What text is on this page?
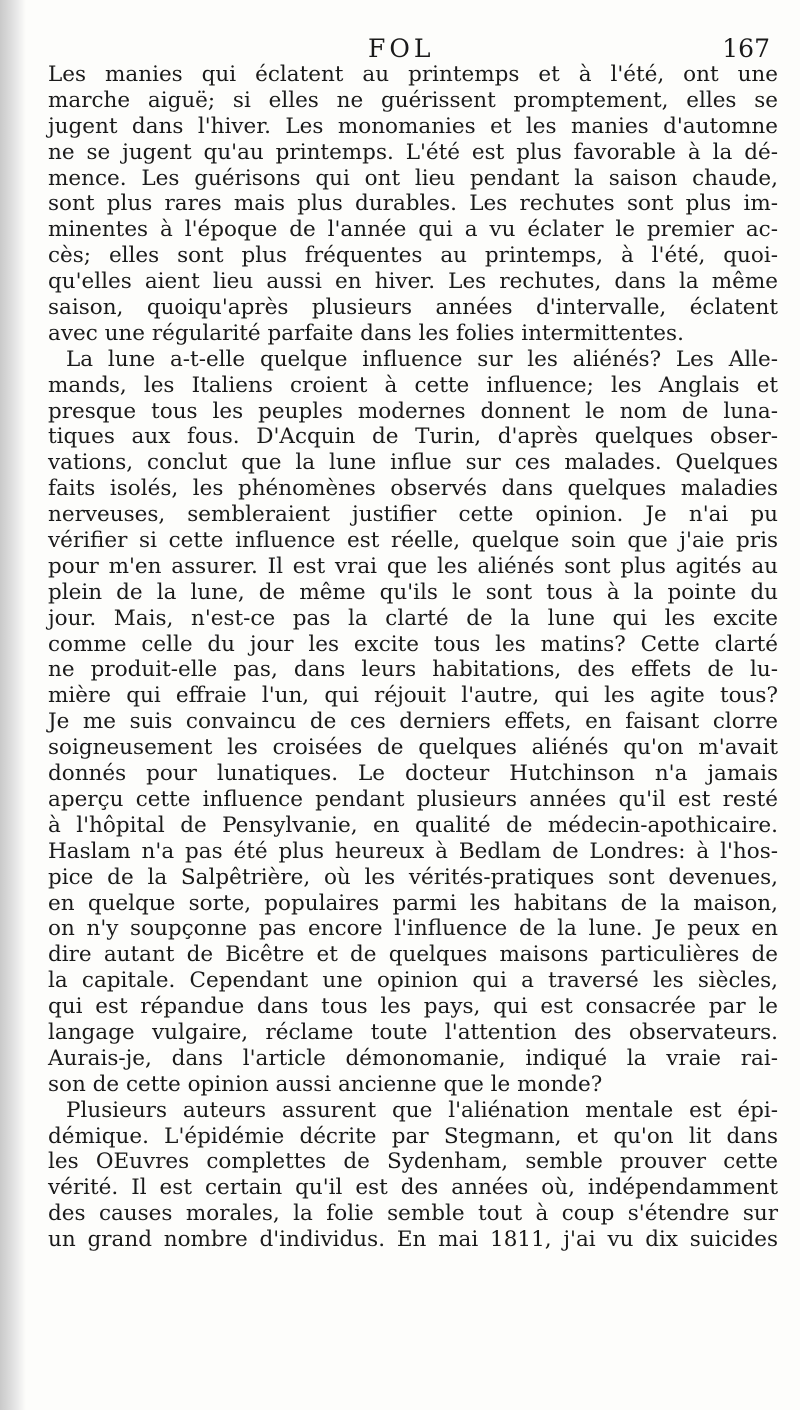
FOL	167
Les manies qui éclatent au printemps et à l'été, ont une
marche aiguë; si elles ne guérissent promptement, elles se
jugent dans l'hiver. Les monomanies et les manies d'automne
ne se jugent qu'au printemps. L'été est plus favorable à la dé-
mence. Les guérisons qui ont lieu pendant la saison chaude,
sont plus rares mais plus durables. Les rechutes sont plus im-
minentes à l'époque de l'année qui a vu éclater le premier ac-
cès; elles sont plus fréquentes au printemps, à l'été, quoi-
qu'elles aient lieu aussi en hiver. Les rechutes, dans la même
saison, quoiqu'après plusieurs années d'intervalle, éclatent
avec une régularité parfaite dans les folies intermittentes.
La lune a-t-elle quelque influence sur les aliénés? Les Alle-
mands, les Italiens croient à cette influence; les Anglais et
presque tous les peuples modernes donnent le nom de luna-
tiques aux fous. D'Acquin de Turin, d'après quelques obser-
vations, conclut que la lune influe sur ces malades. Quelques
faits isolés, les phénomènes observés dans quelques maladies
nerveuses, sembleraient justifier cette opinion. Je n'ai pu
vérifier si cette influence est réelle, quelque soin que j'aie pris
pour m'en assurer. Il est vrai que les aliénés sont plus agités au
plein de la lune, de même qu'ils le sont tous à la pointe du
jour. Mais, n'est-ce pas la clarté de la lune qui les excite
comme celle du jour les excite tous les matins? Cette clarté
ne produit-elle pas, dans leurs habitations, des effets de lu-
mière qui effraie l'un, qui réjouit l'autre, qui les agite tous?
Je me suis convaincu de ces derniers effets, en faisant clorre
soigneusement les croisées de quelques aliénés qu'on m'avait
donnés pour lunatiques. Le docteur Hutchinson n'a jamais
aperçu cette influence pendant plusieurs années qu'il est resté
à l'hôpital de Pensylvanie, en qualité de médecin-apothicaire.
Haslam n'a pas été plus heureux à Bedlam de Londres: à l'hos-
pice de la Salpêtrière, où les vérités-pratiques sont devenues,
en quelque sorte, populaires parmi les habitans de la maison,
on n'y soupçonne pas encore l'influence de la lune. Je peux en
dire autant de Bicêtre et de quelques maisons particulières de
la capitale. Cependant une opinion qui a traversé les siècles,
qui est répandue dans tous les pays, qui est consacrée par le
langage vulgaire, réclame toute l'attention des observateurs.
Aurais-je, dans l'article démonomanie, indiqué la vraie rai-
son de cette opinion aussi ancienne que le monde?
Plusieurs auteurs assurent que l'aliénation mentale est épi-
démique. L'épidémie décrite par Stegmann, et qu'on lit dans
les OEuvres complettes de Sydenham, semble prouver cette
vérité. Il est certain qu'il est des années où, indépendamment
des causes morales, la folie semble tout à coup s'étendre sur
un grand nombre d'individus. En mai 1811, j'ai vu dix suicides
